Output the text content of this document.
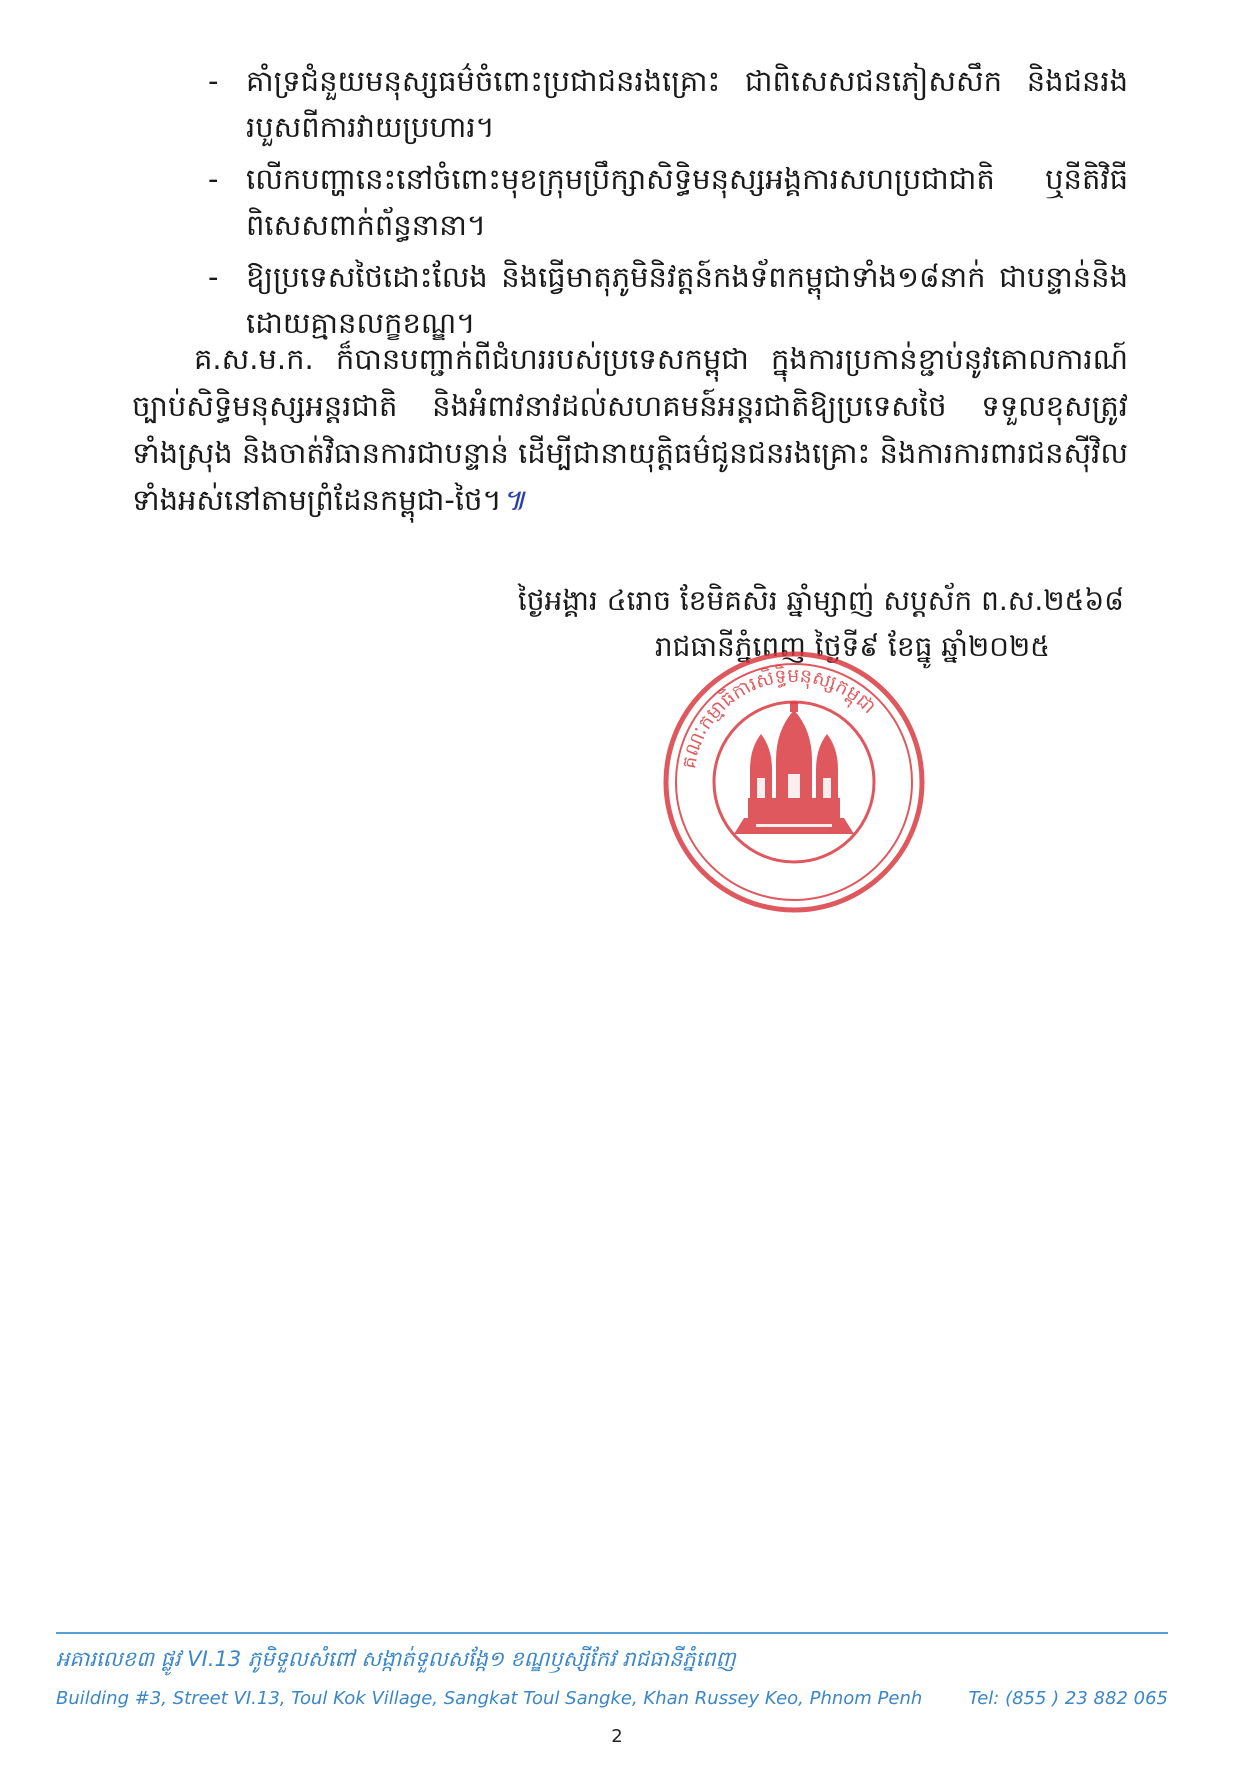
- គាំទ្រជំនួយមនុស្សធម៌ចំពោះប្រជាជនរងគ្រោះ ជាពិសេសជនភៀសសឹក និងជនរងរបួសពីការវាយប្រហារ។
- លើកបញ្ហានេះនៅចំពោះមុខក្រុមប្រឹក្សាសិទ្ធិមនុស្សអង្គការសហប្រជាជាតិ ឬនីតិវិធីពិសេសពាក់ព័ន្ធនានា។
- ឱ្យប្រទេសថៃដោះលែង និងធ្វើមាតុភូមិនិវត្តន៍កងទ័ពកម្ពុជាទាំង១៨នាក់ ជាបន្ទាន់និងដោយគ្មានលក្ខខណ្ឌ។

គ.ស.ម.ក. ក៏បានបញ្ជាក់ពីជំហររបស់ប្រទេសកម្ពុជា ក្នុងការប្រកាន់ខ្ជាប់នូវគោលការណ៍ច្បាប់សិទ្ធិមនុស្សអន្តរជាតិ និងអំពាវនាវដល់សហគមន៍អន្តរជាតិឱ្យប្រទេសថៃ ទទួលខុសត្រូវទាំងស្រុង និងចាត់វិធានការជាបន្ទាន់ ដើម្បីជានាយុត្តិធម៌ជូនជនរងគ្រោះ និងការការពារជនស៊ីវិលទាំងអស់នៅតាមព្រំដែនកម្ពុជា-ថៃ។៕

ថ្ងៃអង្គារ ៤រោច ខែមិគសិរ ឆ្នាំម្សាញ់ សប្តស័ក ព.ស.២៥៦៨
រាជធានីភ្នំពេញ ថ្ងៃទី៩ ខែធ្នូ ឆ្នាំ២០២៥
គណៈកម្មាធិការសិទ្ធិមនុស្សកម្ពុជា
អគារលេខ៣ ផ្លូវ VI.13 ភូមិទួលសំពៅ សង្កាត់ទួលសង្កែ១ ខណ្ឌឫស្សីកែវ រាជធានីភ្នំពេញ
Building #3, Street VI.13, Toul Kok Village, Sangkat Toul Sangke, Khan Russey Keo, Phnom Penh	Tel: (855 ) 23 882 065
2
